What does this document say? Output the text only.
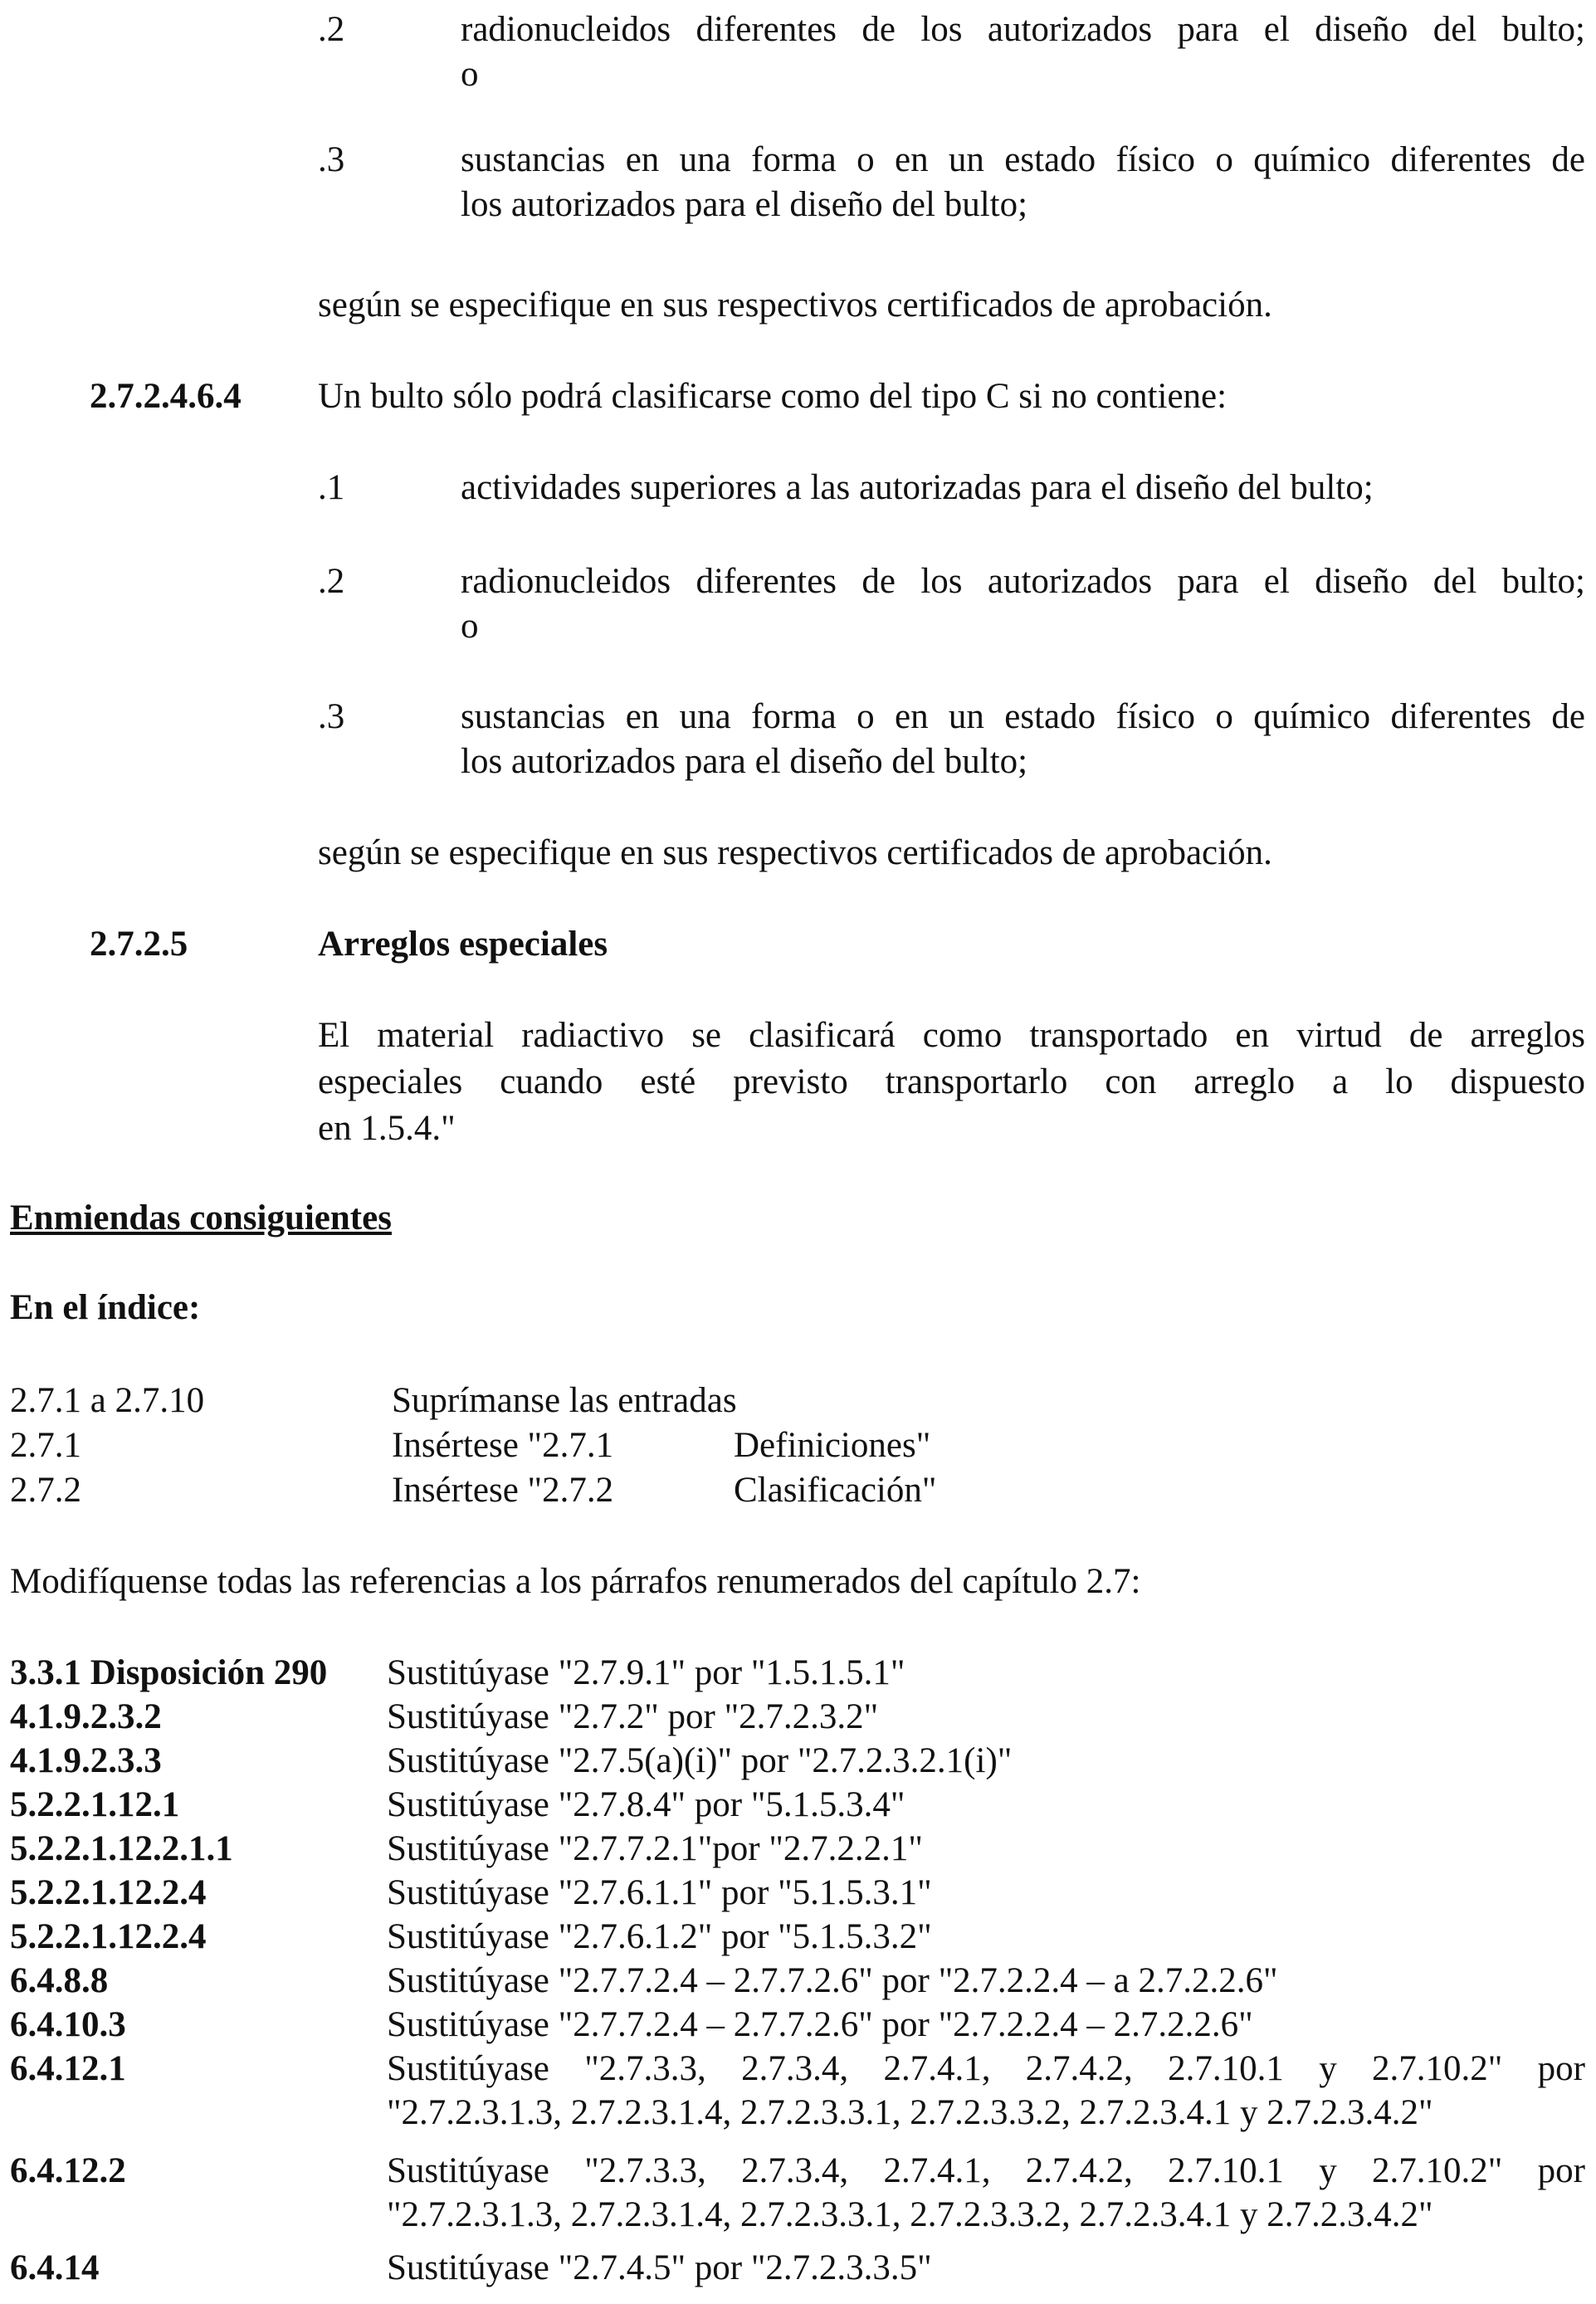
.2	radionucleidos diferentes de los autorizados para el diseño del bulto;
o
.3	sustancias en una forma o en un estado físico o químico diferentes de
los autorizados para el diseño del bulto;
según se especifique en sus respectivos certificados de aprobación.
2.7.2.4.6.4 Un bulto sólo podrá clasificarse como del tipo C si no contiene:
.1	actividades superiores a las autorizadas para el diseño del bulto;
.2	radionucleidos diferentes de los autorizados para el diseño del bulto;
o
.3	sustancias en una forma o en un estado físico o químico diferentes de
los autorizados para el diseño del bulto;
según se especifique en sus respectivos certificados de aprobación.
2.7.2.5	Arreglos especiales
El material radiactivo se clasificará como transportado en virtud de arreglos
especiales cuando esté previsto transportarlo con arreglo a lo dispuesto
en 1.5.4."
Enmiendas consiguientes
En el índice:
2.7.1 a 2.7.10	Suprímanse las entradas
2.7.1	Insértese "2.7.1	Definiciones"
2.7.2	Insértese "2.7.2	Clasificación"
Modifíquense todas las referencias a los párrafos renumerados del capítulo 2.7:
3.3.1 Disposición 290 Sustitúyase "2.7.9.1" por "1.5.1.5.1"
4.1.9.2.3.2	Sustitúyase "2.7.2" por "2.7.2.3.2"
4.1.9.2.3.3	Sustitúyase "2.7.5(a)(i)" por "2.7.2.3.2.1(i)"
5.2.2.1.12.1	Sustitúyase "2.7.8.4" por "5.1.5.3.4"
5.2.2.1.12.2.1.1	Sustitúyase "2.7.7.2.1"por "2.7.2.2.1"
5.2.2.1.12.2.4	Sustitúyase "2.7.6.1.1" por "5.1.5.3.1"
5.2.2.1.12.2.4	Sustitúyase "2.7.6.1.2" por "5.1.5.3.2"
6.4.8.8	Sustitúyase "2.7.7.2.4 – 2.7.7.2.6" por "2.7.2.2.4 – a 2.7.2.2.6"
6.4.10.3	Sustitúyase "2.7.7.2.4 – 2.7.7.2.6" por "2.7.2.2.4 – 2.7.2.2.6"
6.4.12.1	Sustitúyase "2.7.3.3, 2.7.3.4, 2.7.4.1, 2.7.4.2, 2.7.10.1 y 2.7.10.2" por
"2.7.2.3.1.3, 2.7.2.3.1.4, 2.7.2.3.3.1, 2.7.2.3.3.2, 2.7.2.3.4.1 y 2.7.2.3.4.2"
6.4.12.2	Sustitúyase "2.7.3.3, 2.7.3.4, 2.7.4.1, 2.7.4.2, 2.7.10.1 y 2.7.10.2" por
"2.7.2.3.1.3, 2.7.2.3.1.4, 2.7.2.3.3.1, 2.7.2.3.3.2, 2.7.2.3.4.1 y 2.7.2.3.4.2"
6.4.14	Sustitúyase "2.7.4.5" por "2.7.2.3.3.5"
